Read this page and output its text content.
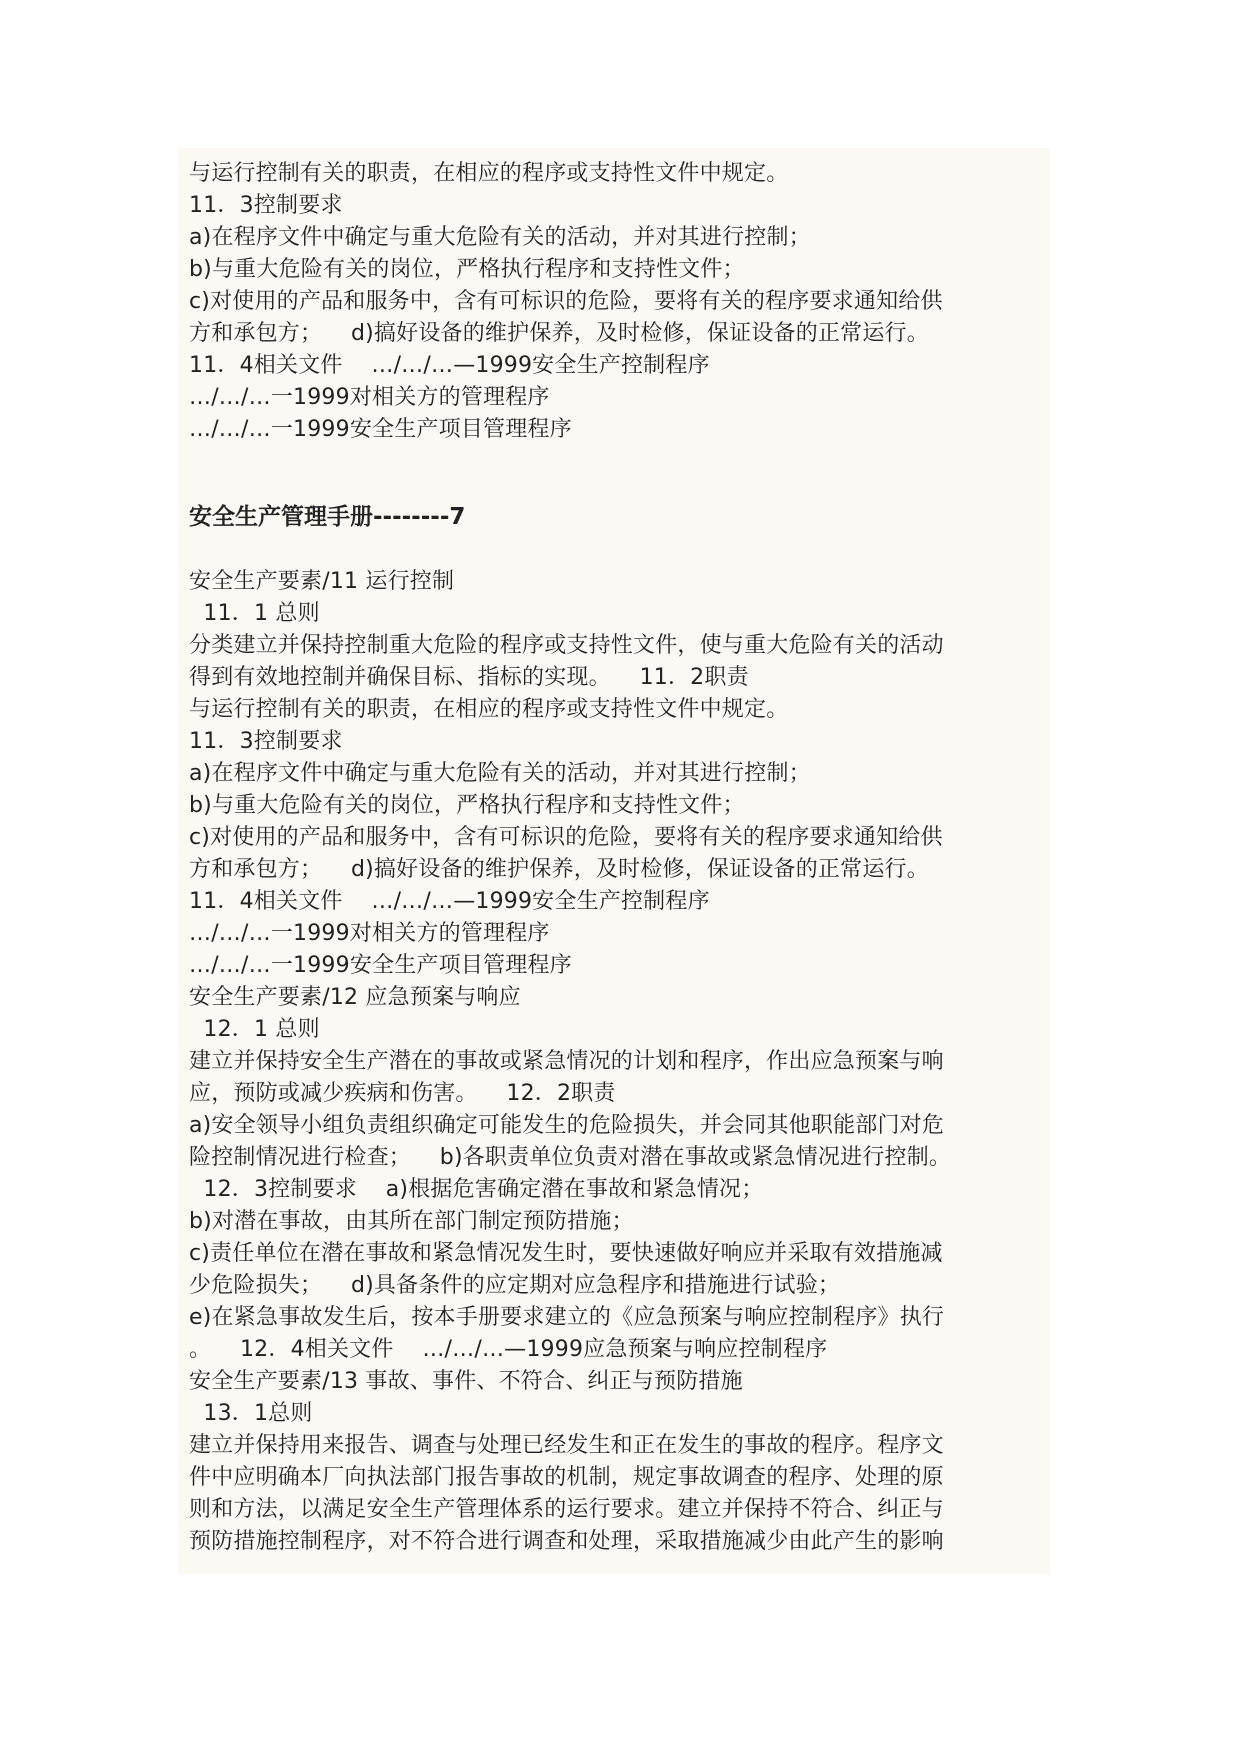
与运行控制有关的职责，在相应的程序或支持性文件中规定。
11．3控制要求
a)在程序文件中确定与重大危险有关的活动，并对其进行控制；
b)与重大危险有关的岗位，严格执行程序和支持性文件；
c)对使用的产品和服务中，含有可标识的危险，要将有关的程序要求通知给供
方和承包方；    d)搞好设备的维护保养，及时检修，保证设备的正常运行。
11．4相关文件    …/…/…—1999安全生产控制程序
…/…/…一1999对相关方的管理程序
…/…/…一1999安全生产项目管理程序
安全生产管理手册--------7
安全生产要素/11 运行控制
11．1 总则
分类建立并保持控制重大危险的程序或支持性文件，使与重大危险有关的活动
得到有效地控制并确保目标、指标的实现。    11．2职责
与运行控制有关的职责，在相应的程序或支持性文件中规定。
11．3控制要求
a)在程序文件中确定与重大危险有关的活动，并对其进行控制；
b)与重大危险有关的岗位，严格执行程序和支持性文件；
c)对使用的产品和服务中，含有可标识的危险，要将有关的程序要求通知给供
方和承包方；    d)搞好设备的维护保养，及时检修，保证设备的正常运行。
11．4相关文件    …/…/…—1999安全生产控制程序
…/…/…一1999对相关方的管理程序
…/…/…一1999安全生产项目管理程序
安全生产要素/12 应急预案与响应
12．1 总则
建立并保持安全生产潜在的事故或紧急情况的计划和程序，作出应急预案与响
应，预防或减少疾病和伤害。    12．2职责
a)安全领导小组负责组织确定可能发生的危险损失，并会同其他职能部门对危
险控制情况进行检查；    b)各职责单位负责对潜在事故或紧急情况进行控制。
12．3控制要求    a)根据危害确定潜在事故和紧急情况；
b)对潜在事故，由其所在部门制定预防措施；
c)责任单位在潜在事故和紧急情况发生时，要快速做好响应并采取有效措施减
少危险损失；    d)具备条件的应定期对应急程序和措施进行试验；
e)在紧急事故发生后，按本手册要求建立的《应急预案与响应控制程序》执行
。    12．4相关文件    …/…/…—1999应急预案与响应控制程序
安全生产要素/13 事故、事件、不符合、纠正与预防措施
13．1总则
建立并保持用来报告、调查与处理已经发生和正在发生的事故的程序。程序文
件中应明确本厂向执法部门报告事故的机制，规定事故调查的程序、处理的原
则和方法，以满足安全生产管理体系的运行要求。建立并保持不符合、纠正与
预防措施控制程序，对不符合进行调查和处理，采取措施减少由此产生的影响
